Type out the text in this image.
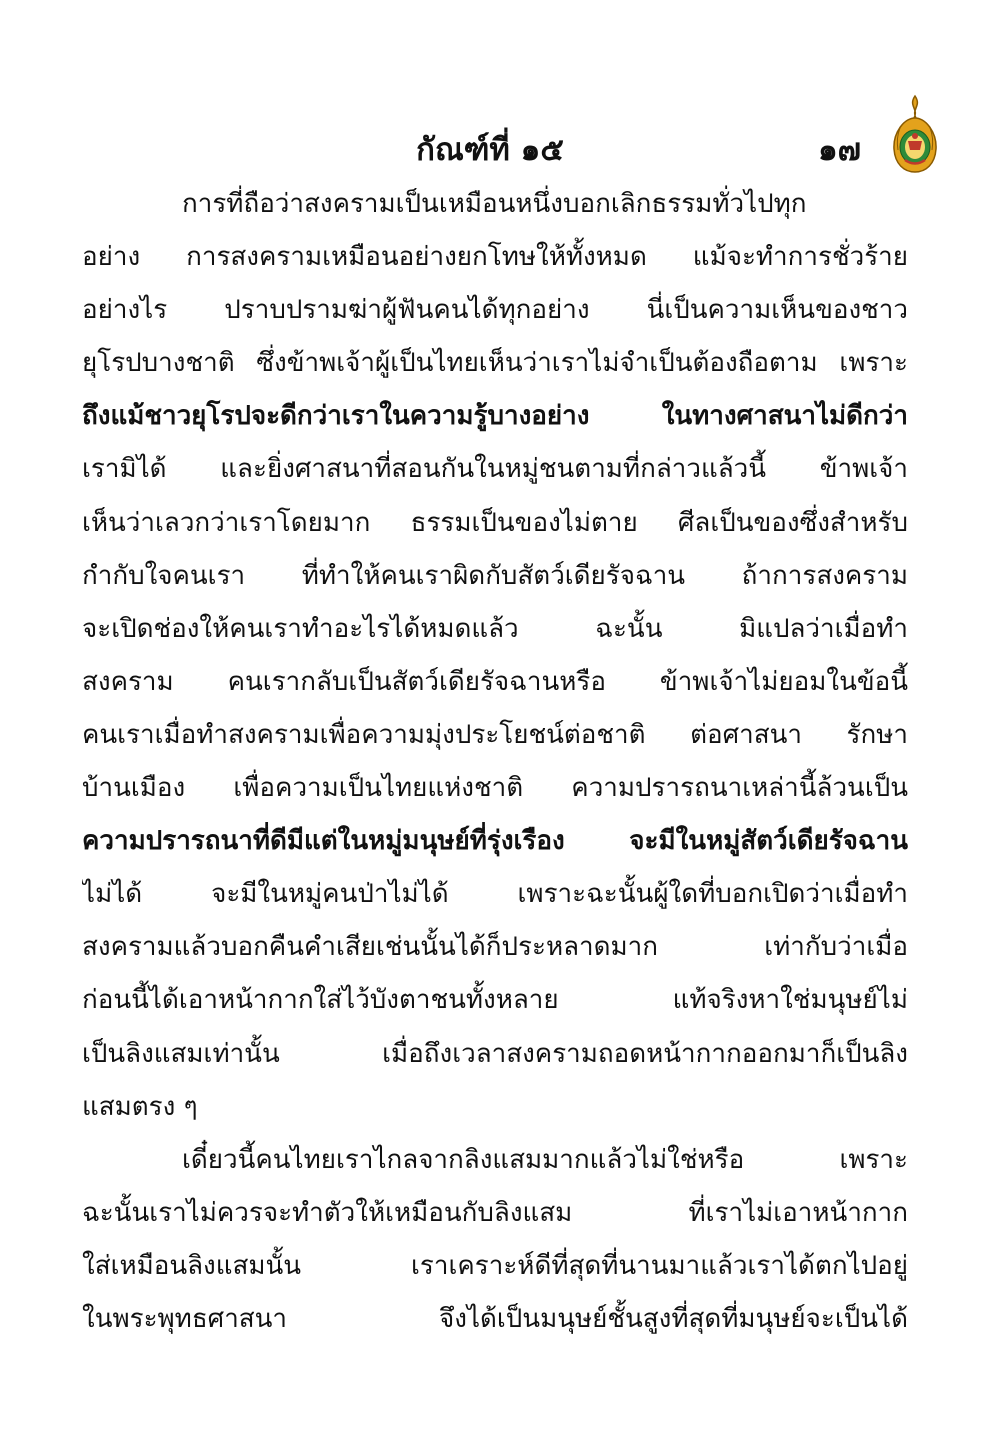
กัณฑ์ที่ ๑๕	๑๗
การที่ถือว่าสงครามเป็นเหมือนหนึ่งบอกเลิกธรรมทั่วไปทุก
อย่าง การสงครามเหมือนอย่างยกโทษให้ทั้งหมด แม้จะทำการชั่วร้าย
อย่างไร ปราบปรามฆ่าผู้ฟันคนได้ทุกอย่าง นี่เป็นความเห็นของชาว
ยุโรปบางชาติ ซึ่งข้าพเจ้าผู้เป็นไทยเห็นว่าเราไม่จำเป็นต้องถือตาม เพราะ
ถึงแม้ชาวยุโรปจะดีกว่าเราในความรู้บางอย่าง ในทางศาสนาไม่ดีกว่า
เรามิได้ และยิ่งศาสนาที่สอนกันในหมู่ชนตามที่กล่าวแล้วนี้ ข้าพเจ้า
เห็นว่าเลวกว่าเราโดยมาก ธรรมเป็นของไม่ตาย ศีลเป็นของซึ่งสำหรับ
กำกับใจคนเรา ที่ทำให้คนเราผิดกับสัตว์เดียรัจฉาน ถ้าการสงคราม
จะเปิดช่องให้คนเราทำอะไรได้หมดแล้ว ฉะนั้น มิแปลว่าเมื่อทำ
สงคราม คนเรากลับเป็นสัตว์เดียรัจฉานหรือ ข้าพเจ้าไม่ยอมในข้อนี้
คนเราเมื่อทำสงครามเพื่อความมุ่งประโยชน์ต่อชาติ ต่อศาสนา รักษา
บ้านเมือง เพื่อความเป็นไทยแห่งชาติ ความปรารถนาเหล่านี้ล้วนเป็น
ความปรารถนาที่ดีมีแต่ในหมู่มนุษย์ที่รุ่งเรือง จะมีในหมู่สัตว์เดียรัจฉาน
ไม่ได้ จะมีในหมู่คนป่าไม่ได้ เพราะฉะนั้นผู้ใดที่บอกเปิดว่าเมื่อทำ
สงครามแล้วบอกคืนคำเสียเช่นนั้นได้ก็ประหลาดมาก เท่ากับว่าเมื่อ
ก่อนนี้ได้เอาหน้ากากใส่ไว้บังตาชนทั้งหลาย แท้จริงหาใช่มนุษย์ไม่
เป็นลิงแสมเท่านั้น เมื่อถึงเวลาสงครามถอดหน้ากากออกมาก็เป็นลิง
แสมตรง ๆ
เดี๋ยวนี้คนไทยเราไกลจากลิงแสมมากแล้วไม่ใช่หรือ เพราะ
ฉะนั้นเราไม่ควรจะทำตัวให้เหมือนกับลิงแสม ที่เราไม่เอาหน้ากาก
ใส่เหมือนลิงแสมนั้น เราเคราะห์ดีที่สุดที่นานมาแล้วเราได้ตกไปอยู่
ในพระพุทธศาสนา จึงได้เป็นมนุษย์ชั้นสูงที่สุดที่มนุษย์จะเป็นได้
